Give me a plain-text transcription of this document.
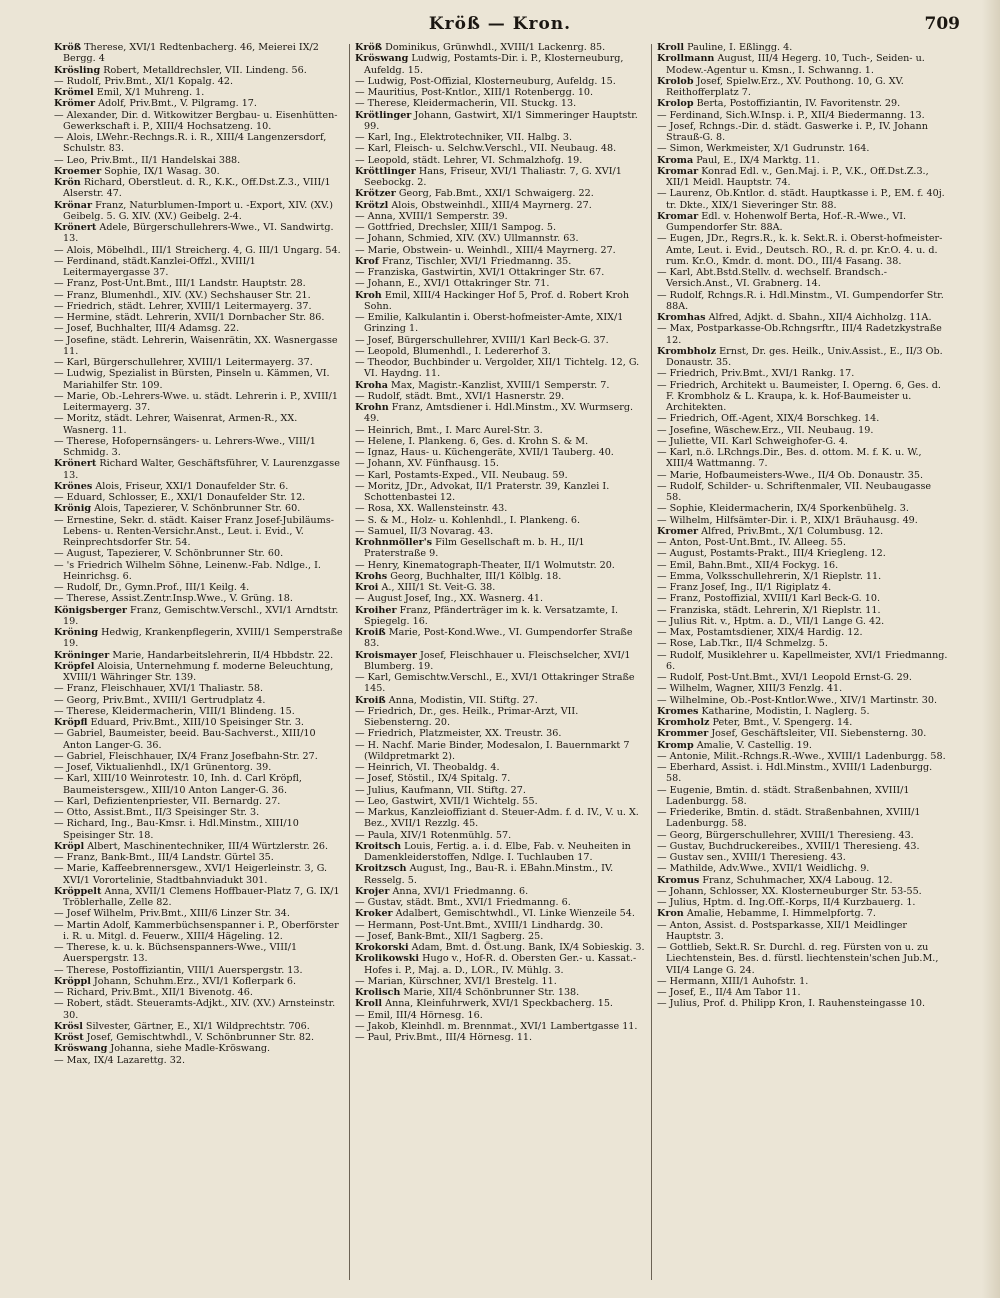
Kröß — Kron.	709

Kröß Therese, XVI/1 Redtenbacherg. 46, Meierei IX/2 Bergg. 4

Krösling Robert, Metalldrechsler, VII. Lindeng. 56.

— Rudolf, Priv.Bmt., XI/1 Kopalg. 42.

Krömel Emil, X/1 Muhreng. 1.

Krömer Adolf, Priv.Bmt., V. Pilgramg. 17.

— Alexander, Dir. d. Witkowitzer Bergbau- u. Eisenhütten-Gewerkschaft i. P., XIII/4 Hochsatzeng. 10.

— Alois, LWehr.-Rechngs.R. i. R., XIII/4 Langenzersdorf, Schulstr. 83.

— Leo, Priv.Bmt., II/1 Handelskai 388.

Kroemer Sophie, IX/1 Wasag. 30.

Krön Richard, Oberstleut. d. R., K.K., Off.Dst.Z.3., VIII/1 Alserstr. 47.

Krönar Franz, Naturblumen-Import u. -Export, XIV. (XV.) Geibelg. 5. G. XIV. (XV.) Geibelg. 2-4.

Krönert Adele, Bürgerschullehrers-Wwe., VI. Sandwirtg. 13.

— Alois, Möbelhdl., III/1 Streicherg. 4, G. III/1 Ungarg. 54.

— Ferdinand, städt.Kanzlei-Offzl., XVIII/1 Leitermayergasse 37.

— Franz, Post-Unt.Bmt., III/1 Landstr. Hauptstr. 28.

— Franz, Blumenhdl., XIV. (XV.) Sechshauser Str. 21.

— Friedrich, städt. Lehrer, XVIII/1 Leitermayerg. 37.

— Hermine, städt. Lehrerin, XVII/1 Dornbacher Str. 86.

— Josef, Buchhalter, III/4 Adamsg. 22.

— Josefine, städt. Lehrerin, Waisenrätin, XX. Wasnergasse 11.

— Karl, Bürgerschullehrer, XVIII/1 Leitermayerg. 37.

— Ludwig, Spezialist in Bürsten, Pinseln u. Kämmen, VI. Mariahilfer Str. 109.

— Marie, Ob.-Lehrers-Wwe. u. städt. Lehrerin i. P., XVIII/1 Leitermayerg. 37.

— Moritz, städt. Lehrer, Waisenrat, Armen-R., XX. Wasnerg. 11.

— Therese, Hofopernsängers- u. Lehrers-Wwe., VIII/1 Schmidg. 3.

Krönert Richard Walter, Geschäftsführer, V. Laurenzgasse 13.

Krönes Alois, Friseur, XXI/1 Donaufelder Str. 6.

— Eduard, Schlosser, E., XXI/1 Donaufelder Str. 12.

Krönig Alois, Tapezierer, V. Schönbrunner Str. 60.

— Ernestine, Sekr. d. städt. Kaiser Franz Josef-Jubiläums-Lebens- u. Renten-Versichr.Anst., Leut. i. Evid., V. Reinprechtsdorfer Str. 54.

— August, Tapezierer, V. Schönbrunner Str. 60.

— 's Friedrich Wilhelm Söhne, Leinenw.-Fab. Ndlge., I. Heinrichsg. 6.

— Rudolf, Dr., Gymn.Prof., III/1 Keilg. 4.

— Therese, Assist.Zentr.Insp.Wwe., V. Grüng. 18.

Königsberger Franz, Gemischtw.Verschl., XVI/1 Arndtstr. 19.

Kröning Hedwig, Krankenpflegerin, XVIII/1 Semperstraße 19.

Kröninger Marie, Handarbeitslehrerin, II/4 Hbbdstr. 22.

Kröpfel Aloisia, Unternehmung f. moderne Beleuchtung, XVIII/1 Währinger Str. 139.

— Franz, Fleischhauer, XVI/1 Thaliastr. 58.

— Georg, Priv.Bmt., XVIII/1 Gertrudplatz 4.

— Therese, Kleidermacherin, VIII/1 Blindeng. 15.

Kröpfl Eduard, Priv.Bmt., XIII/10 Speisinger Str. 3.

— Gabriel, Baumeister, beeid. Bau-Sachverst., XIII/10 Anton Langer-G. 36.

— Gabriel, Fleischhauer, IX/4 Franz Josefbahn-Str. 27.

— Josef, Viktualienhdl., IX/1 Grünentorg. 39.

— Karl, XIII/10 Weinrotestr. 10, Inh. d. Carl Kröpfl, Baumeistersgew., XIII/10 Anton Langer-G. 36.

— Karl, Defizientenpriester, VII. Bernardg. 27.

— Otto, Assist.Bmt., II/3 Speisinger Str. 3.

— Richard, Ing., Bau-Kmsr. i. Hdl.Minstm., XIII/10 Speisinger Str. 18.

Kröpl Albert, Maschinentechniker, III/4 Würtzlerstr. 26.

— Franz, Bank-Bmt., III/4 Landstr. Gürtel 35.

— Marie, Kaffeebrennersgew., XVI/1 Heigerleinstr. 3, G. XVI/1 Vorortelinie, Stadtbahnviadukt 301.

Kröppelt Anna, XVII/1 Clemens Hoffbauer-Platz 7, G. IX/1 Tröblerhalle, Zelle 82.

— Josef Wilhelm, Priv.Bmt., XIII/6 Linzer Str. 34.

— Martin Adolf, Kammerbüchsenspanner i. P., Oberförster i. R. u. Mitgl. d. Feuerw., XIII/4 Hägeling. 12.

— Therese, k. u. k. Büchsenspanners-Wwe., VIII/1 Auerspergstr. 13.

— Therese, Postoffiziantin, VIII/1 Auerspergstr. 13.

Kröppl Johann, Schuhm.Erz., XVI/1 Koflerpark 6.

— Richard, Priv.Bmt., XII/1 Bivenotg. 46.

— Robert, städt. Steueramts-Adjkt., XIV. (XV.) Arnsteinstr. 30.

Krösl Silvester, Gärtner, E., XI/1 Wildprechtstr. 706.

Kröst Josef, Gemischtwhdl., V. Schönbrunner Str. 82.

Kröswang Johanna, siehe Madle-Kröswang.

— Max, IX/4 Lazarettg. 32.

Kröß Dominikus, Grünwhdl., XVIII/1 Lackenrg. 85.

Kröswang Ludwig, Postamts-Dir. i. P., Klosterneuburg, Aufeldg. 15.

— Ludwig, Post-Offizial, Klosterneuburg, Aufeldg. 15.

— Mauritius, Post-Kntlor., XIII/1 Rotenbergg. 10.

— Therese, Kleidermacherin, VII. Stuckg. 13.

Krötlinger Johann, Gastwirt, XI/1 Simmeringer Hauptstr. 99.

— Karl, Ing., Elektrotechniker, VII. Halbg. 3.

— Karl, Fleisch- u. Selchw.Verschl., VII. Neubaug. 48.

— Leopold, städt. Lehrer, VI. Schmalzhofg. 19.

Kröttlinger Hans, Friseur, XVI/1 Thaliastr. 7, G. XVI/1 Seebockg. 2.

Krötzer Georg, Fab.Bmt., XXI/1 Schwaigerg. 22.

Krötzl Alois, Obstweinhdl., XIII/4 Mayrnerg. 27.

— Anna, XVIII/1 Semperstr. 39.

— Gottfried, Drechsler, XIII/1 Sampog. 5.

— Johann, Schmied, XIV. (XV.) Ullmannstr. 63.

— Marie, Obstwein- u. Weinhdl., XIII/4 Mayrnerg. 27.

Krof Franz, Tischler, XVI/1 Friedmanng. 35.

— Franziska, Gastwirtin, XVI/1 Ottakringer Str. 67.

— Johann, E., XVI/1 Ottakringer Str. 71.

Kroh Emil, XIII/4 Hackinger Hof 5, Prof. d. Robert Kroh Sohn.

— Emilie, Kalkulantin i. Oberst-hofmeister-Amte, XIX/1 Grinzing 1.

— Josef, Bürgerschullehrer, XVIII/1 Karl Beck-G. 37.

— Leopold, Blumenhdl., I. Ledererhof 3.

— Theodor, Buchbinder u. Vergolder, XII/1 Tichtelg. 12, G. VI. Haydng. 11.

Kroha Max, Magistr.-Kanzlist, XVIII/1 Semperstr. 7.

— Rudolf, städt. Bmt., XVI/1 Hasnerstr. 29.

Krohn Franz, Amtsdiener i. Hdl.Minstm., XV. Wurmserg. 49.

— Heinrich, Bmt., I. Marc Aurel-Str. 3.

— Helene, I. Plankeng. 6, Ges. d. Krohn S. & M.

— Ignaz, Haus- u. Küchengeräte, XVII/1 Tauberg. 40.

— Johann, XV. Fünfhausg. 15.

— Karl, Postamts-Exped., VII. Neubaug. 59.

— Moritz, JDr., Advokat, II/1 Praterstr. 39, Kanzlei I. Schottenbastei 12.

— Rosa, XX. Wallensteinstr. 43.

— S. & M., Holz- u. Kohlenhdl., I. Plankeng. 6.

— Samuel, II/3 Novarag. 43.

Krohnmöller's Film Gesellschaft m. b. H., II/1 Praterstraße 9.

— Henry, Kinematograph-Theater, II/1 Wolmutstr. 20.

Krohs Georg, Buchhalter, III/1 Kölblg. 18.

Kroi A., XIII/1 St. Veit-G. 38.

— August Josef, Ing., XX. Wasnerg. 41.

Kroiher Franz, Pfänderträger im k. k. Versatzamte, I. Spiegelg. 16.

Kroiß Marie, Post-Kond.Wwe., VI. Gumpendorfer Straße 83.

Kroismayer Josef, Fleischhauer u. Fleischselcher, XVI/1 Blumberg. 19.

— Karl, Gemischtw.Verschl., E., XVI/1 Ottakringer Straße 145.

Kroiß Anna, Modistin, VII. Stiftg. 27.

— Friedrich, Dr., ges. Heilk., Primar-Arzt, VII. Siebensterng. 20.

— Friedrich, Platzmeister, XX. Treustr. 36.

— H. Nachf. Marie Binder, Modesalon, I. Bauernmarkt 7 (Wildpretmarkt 2).

— Heinrich, VI. Theobaldg. 4.

— Josef, Stöstil., IX/4 Spitalg. 7.

— Julius, Kaufmann, VII. Stiftg. 27.

— Leo, Gastwirt, XVII/1 Wichtelg. 55.

— Markus, Kanzleioffiziant d. Steuer-Adm. f. d. IV., V. u. X. Bez., XVII/1 Rezzlg. 45.

— Paula, XIV/1 Rotenmühlg. 57.

Kroitsch Louis, Fertig. a. i. d. Elbe, Fab. v. Neuheiten in Damenkleiderstoffen, Ndlge. I. Tuchlauben 17.

Kroitzsch August, Ing., Bau-R. i. EBahn.Minstm., IV. Resselg. 5.

Krojer Anna, XVI/1 Friedmanng. 6.

— Gustav, städt. Bmt., XVI/1 Friedmanng. 6.

Kroker Adalbert, Gemischtwhdl., VI. Linke Wienzeile 54.

— Hermann, Post-Unt.Bmt., XVIII/1 Lindhardg. 30.

— Josef, Bank-Bmt., XII/1 Sagberg. 25.

Krokorski Adam, Bmt. d. Öst.ung. Bank, IX/4 Sobieskig. 3.

Krolikowski Hugo v., Hof-R. d. Obersten Ger.- u. Kassat.-Hofes i. P., Maj. a. D., LOR., IV. Mühlg. 3.

— Marian, Kürschner, XVI/1 Brestelg. 11.

Krolisch Marie, XII/4 Schönbrunner Str. 138.

Kroll Anna, Kleinfuhrwerk, XVI/1 Speckbacherg. 15.

— Emil, III/4 Hörnesg. 16.

— Jakob, Kleinhdl. m. Brennmat., XVI/1 Lambertgasse 11.

— Paul, Priv.Bmt., III/4 Hörnesg. 11.

Kroll Pauline, I. Eßlingg. 4.

Krollmann August, III/4 Hegerg. 10, Tuch-, Seiden- u. Modew.-Agentur u. Kmsn., I. Schwanng. 1.

Krolob Josef, Spielw.Erz., XV. Pouthong. 10, G. XV. Reithofferplatz 7.

Krolop Berta, Postoffiziantin, IV. Favoritenstr. 29.

— Ferdinand, Sich.W.Insp. i. P., XII/4 Biedermanng. 13.

— Josef, Rchngs.-Dir. d. städt. Gaswerke i. P., IV. Johann Strauß-G. 8.

— Simon, Werkmeister, X/1 Gudrunstr. 164.

Kroma Paul, E., IX/4 Marktg. 11.

Kromar Konrad Edl. v., Gen.Maj. i. P., V.K., Off.Dst.Z.3., XII/1 Meidl. Hauptstr. 74.

— Laurenz, Ob.Kntlor. d. städt. Hauptkasse i. P., EM. f. 40j. tr. Dkte., XIX/1 Sieveringer Str. 88.

Kromar Edl. v. Hohenwolf Berta, Hof.-R.-Wwe., VI. Gumpendorfer Str. 88A.

— Eugen, JDr., Regrs.R., k. k. Sekt.R. i. Oberst-hofmeister-Amte, Leut. i. Evid., Deutsch. RO., R. d. pr. Kr.O. 4. u. d. rum. Kr.O., Kmdr. d. mont. DO., III/4 Fasang. 38.

— Karl, Abt.Bstd.Stellv. d. wechself. Brandsch.-Versich.Anst., VI. Grabnerg. 14.

— Rudolf, Rchngs.R. i. Hdl.Minstm., VI. Gumpendorfer Str. 88A.

Kromhas Alfred, Adjkt. d. Sbahn., XII/4 Aichholzg. 11A.

— Max, Postparkasse-Ob.Rchngsrftr., III/4 Radetzkystraße 12.

Krombholz Ernst, Dr. ges. Heilk., Univ.Assist., E., II/3 Ob. Donaustr. 35.

— Friedrich, Priv.Bmt., XVI/1 Rankg. 17.

— Friedrich, Architekt u. Baumeister, I. Operng. 6, Ges. d. F. Krombholz & L. Kraupa, k. k. Hof-Baumeister u. Architekten.

— Friedrich, Off.-Agent, XIX/4 Borschkeg. 14.

— Josefine, Wäschew.Erz., VII. Neubaug. 19.

— Juliette, VII. Karl Schweighofer-G. 4.

— Karl, n.ö. LRchngs.Dir., Bes. d. ottom. M. f. K. u. W., XIII/4 Wattmanng. 7.

— Marie, Hofbaumeisters-Wwe., II/4 Ob. Donaustr. 35.

— Rudolf, Schilder- u. Schriftenmaler, VII. Neubaugasse 58.

— Sophie, Kleidermacherin, IX/4 Sporkenbühelg. 3.

— Wilhelm, Hilfsämter-Dir. i. P., XIX/1 Bräuhausg. 49.

Kromer Alfred, Priv.Bmt., X/1 Columbusg. 12.

— Anton, Post-Unt.Bmt., IV. Alleeg. 55.

— August, Postamts-Prakt., III/4 Kriegleng. 12.

— Emil, Bahn.Bmt., XII/4 Fockyg. 16.

— Emma, Volksschullehrerin, X/1 Rieplstr. 11.

— Franz Josef, Ing., II/1 Rigiplatz 4.

— Franz, Postoffizial, XVIII/1 Karl Beck-G. 10.

— Franziska, städt. Lehrerin, X/1 Rieplstr. 11.

— Julius Rit. v., Hptm. a. D., VII/1 Lange G. 42.

— Max, Postamtsdiener, XIX/4 Hardig. 12.

— Rose, Lab.Tkr., II/4 Schmelzg. 5.

— Rudolf, Musiklehrer u. Kapellmeister, XVI/1 Friedmanng. 6.

— Rudolf, Post-Unt.Bmt., XVI/1 Leopold Ernst-G. 29.

— Wilhelm, Wagner, XIII/3 Fenzlg. 41.

— Wilhelmine, Ob.-Post-Kntlor.Wwe., XIV/1 Martinstr. 30.

Kromes Katharine, Modistin, I. Naglerg. 5.

Kromholz Peter, Bmt., V. Spengerg. 14.

Krommer Josef, Geschäftsleiter, VII. Siebensterng. 30.

Kromp Amalie, V. Castellig. 19.

— Antonie, Milit.-Rchngs.R.-Wwe., XVIII/1 Ladenburgg. 58.

— Eberhard, Assist. i. Hdl.Minstm., XVIII/1 Ladenburgg. 58.

— Eugenie, Bmtin. d. städt. Straßenbahnen, XVIII/1 Ladenburgg. 58.

— Friederike, Bmtin. d. städt. Straßenbahnen, XVIII/1 Ladenburgg. 58.

— Georg, Bürgerschullehrer, XVIII/1 Theresieng. 43.

— Gustav, Buchdruckereibes., XVIII/1 Theresieng. 43.

— Gustav sen., XVIII/1 Theresieng. 43.

— Mathilde, Adv.Wwe., XVII/1 Weidlichg. 9.

Kromus Franz, Schuhmacher, XX/4 Laboug. 12.

— Johann, Schlosser, XX. Klosterneuburger Str. 53-55.

— Julius, Hptm. d. Ing.Off.-Korps, II/4 Kurzbauerg. 1.

Kron Amalie, Hebamme, I. Himmelpfortg. 7.

— Anton, Assist. d. Postsparkasse, XII/1 Meidlinger Hauptstr. 3.

— Gottlieb, Sekt.R. Sr. Durchl. d. reg. Fürsten von u. zu Liechtenstein, Bes. d. fürstl. liechtenstein'schen Jub.M., VII/4 Lange G. 24.

— Hermann, XIII/1 Auhofstr. 1.

— Josef, E., II/4 Am Tabor 11.

— Julius, Prof. d. Philipp Kron, I. Rauhensteingasse 10.
